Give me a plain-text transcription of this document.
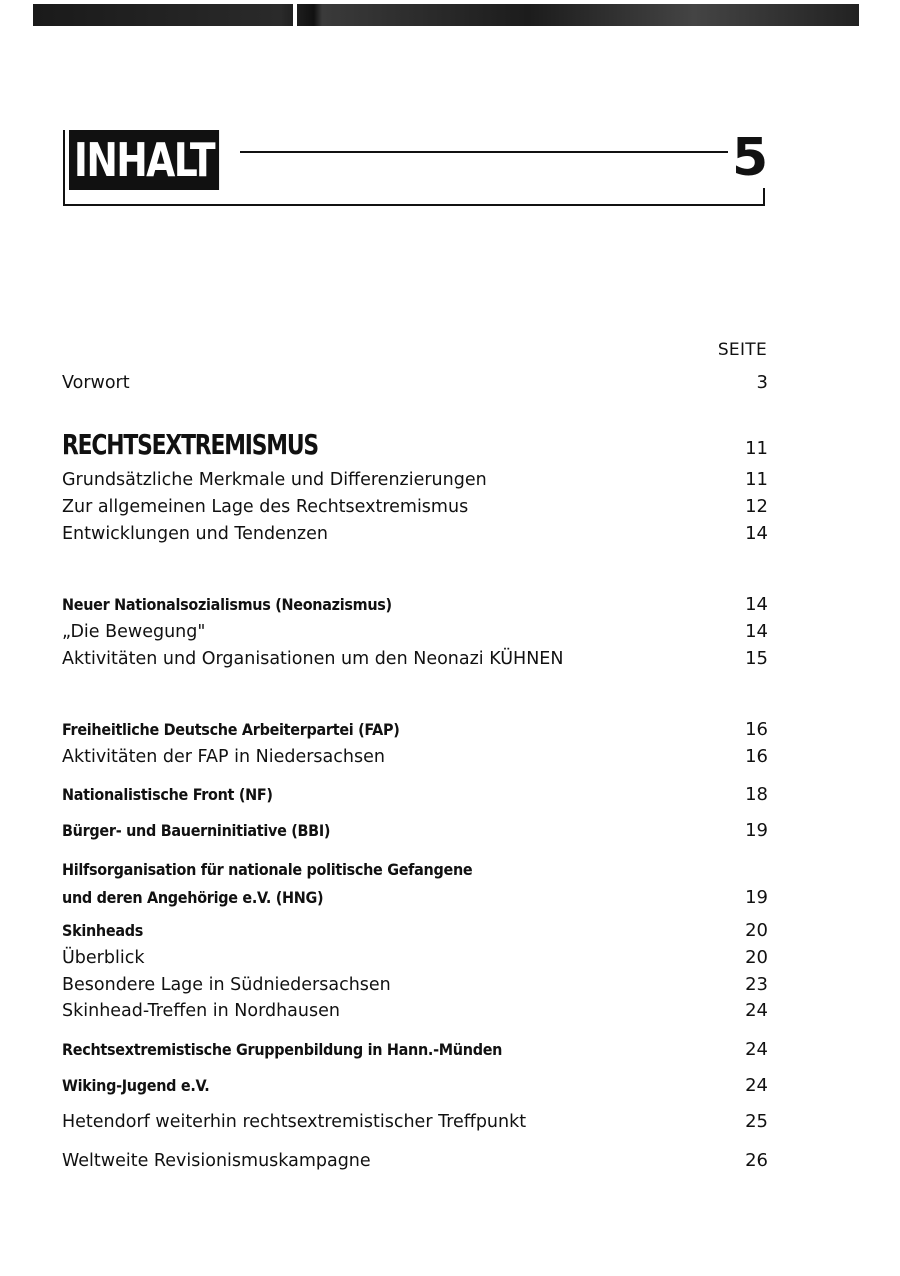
INHALT	5
SEITE
Vorwort	3
RECHTSEXTREMISMUS	11
Grundsätzliche Merkmale und Differenzierungen	11
Zur allgemeinen Lage des Rechtsextremismus	12
Entwicklungen und Tendenzen	14
Neuer Nationalsozialismus (Neonazismus)	14
„Die Bewegung"	14
Aktivitäten und Organisationen um den Neonazi KÜHNEN	15
Freiheitliche Deutsche Arbeiterpartei (FAP)	16
Aktivitäten der FAP in Niedersachsen	16
Nationalistische Front (NF)	18
Bürger- und Bauerninitiative (BBI)	19
Hilfsorganisation für nationale politische Gefangene
und deren Angehörige e.V. (HNG)	19
Skinheads	20
Überblick	20
Besondere Lage in Südniedersachsen	23
Skinhead-Treffen in Nordhausen	24
Rechtsextremistische Gruppenbildung in Hann.-Münden	24
Wiking-Jugend e.V.	24
Hetendorf weiterhin rechtsextremistischer Treffpunkt	25
Weltweite Revisionismuskampagne	26
